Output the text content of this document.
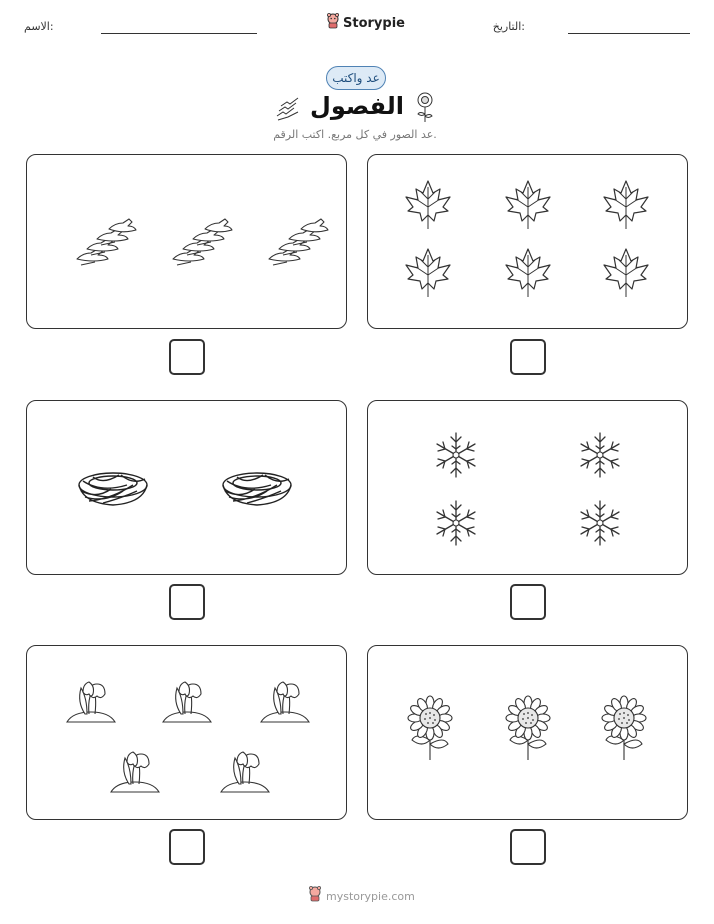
التاريخ:
الاسم:	Storypie
عد واكتب
الفصول
عد الصور في كل مربع. اكتب الرقم.
mystorypie.com
